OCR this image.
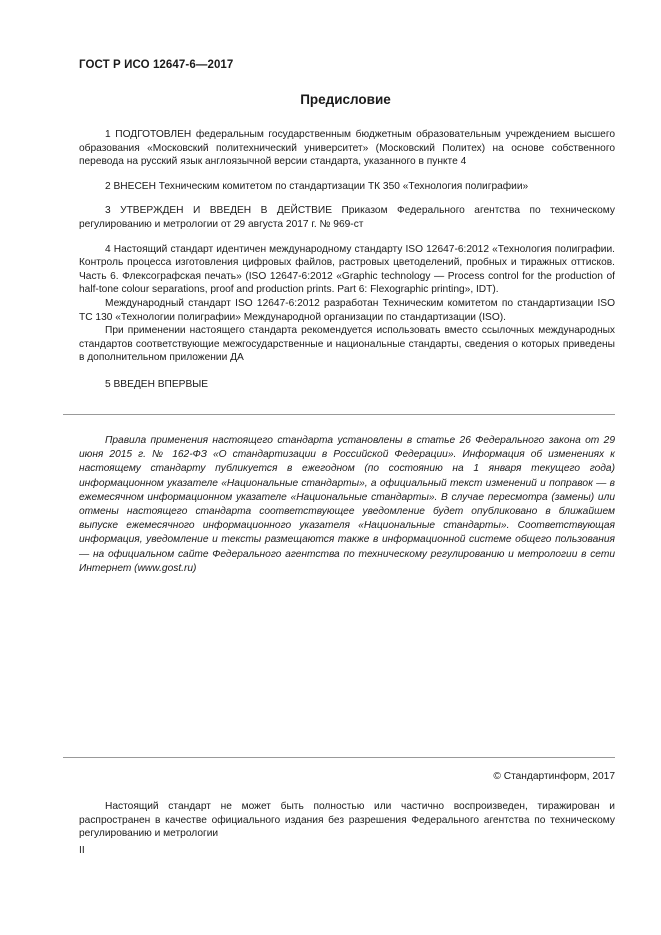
ГОСТ Р ИСО 12647-6—2017
Предисловие

1 ПОДГОТОВЛЕН федеральным государственным бюджетным образовательным учреждением высшего образования «Московский политехнический университет» (Московский Политех) на основе собственного перевода на русский язык англоязычной версии стандарта, указанного в пункте 4

2 ВНЕСЕН Техническим комитетом по стандартизации ТК 350 «Технология полиграфии»

3 УТВЕРЖДЕН И ВВЕДЕН В ДЕЙСТВИЕ Приказом Федерального агентства по техническому регулированию и метрологии от 29 августа 2017 г. № 969-ст

4 Настоящий стандарт идентичен международному стандарту ISO 12647-6:2012 «Технология полиграфии. Контроль процесса изготовления цифровых файлов, растровых цветоделений, пробных и тиражных оттисков. Часть 6. Флексографская печать» (ISO 12647-6:2012 «Graphic technology — Process control for the production of half-tone colour separations, proof and production prints. Part 6: Flexographic printing», IDT).

Международный стандарт ISO 12647-6:2012 разработан Техническим комитетом по стандартизации ISO TC 130 «Технологии полиграфии» Международной организации по стандартизации (ISO).

При применении настоящего стандарта рекомендуется использовать вместо ссылочных международных стандартов соответствующие межгосударственные и национальные стандарты, сведения о которых приведены в дополнительном приложении ДА

5 ВВЕДЕН ВПЕРВЫЕ

Правила применения настоящего стандарта установлены в статье 26 Федерального закона от 29 июня 2015 г. № 162-ФЗ «О стандартизации в Российской Федерации». Информация об изменениях к настоящему стандарту публикуется в ежегодном (по состоянию на 1 января текущего года) информационном указателе «Национальные стандарты», а официальный текст изменений и поправок — в ежемесячном информационном указателе «Национальные стандарты». В случае пересмотра (замены) или отмены настоящего стандарта соответствующее уведомление будет опубликовано в ближайшем выпуске ежемесячного информационного указателя «Национальные стандарты». Соответствующая информация, уведомление и тексты размещаются также в информационной системе общего пользования — на официальном сайте Федерального агентства по техническому регулированию и метрологии в сети Интернет (www.gost.ru)

© Стандартинформ, 2017

Настоящий стандарт не может быть полностью или частично воспроизведен, тиражирован и распространен в качестве официального издания без разрешения Федерального агентства по техническому регулированию и метрологии

II
